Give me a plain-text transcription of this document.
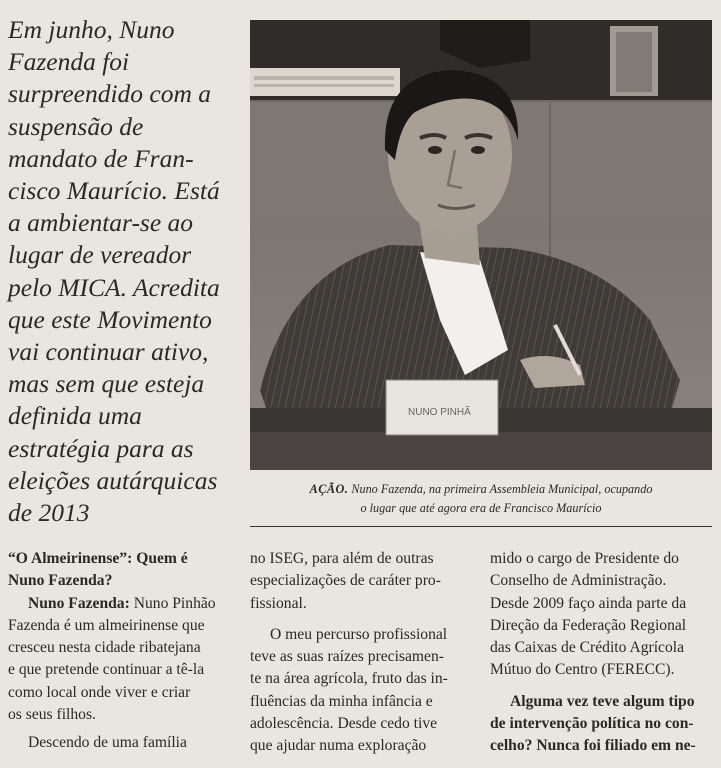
Em junho, Nuno
Fazenda foi
surpreendido com a
suspensão de
mandato de Fran-
cisco Maurício. Está
a ambientar-se ao
lugar de vereador
pelo MICA. Acredita
que este Movimento
vai continuar ativo,
mas sem que esteja
definida uma
estratégia para as
eleições autárquicas
de 2013
NUNO PINHÃ
AÇÃO. Nuno Fazenda, na primeira Assembleia Municipal, ocupando
o lugar que até agora era de Francisco Maurício
“O Almeirinense”: Quem é
Nuno Fazenda?
Nuno Fazenda: Nuno Pinhão
Fazenda é um almeirinense que
cresceu nesta cidade ribatejana
e que pretende continuar a tê-la
como local onde viver e criar
os seus filhos.
Descendo de uma família
no ISEG, para além de outras
especializações de caráter pro-
fissional.
O meu percurso profissional
teve as suas raízes precisamen-
te na área agrícola, fruto das in-
fluências da minha infância e
adolescência. Desde cedo tive
que ajudar numa exploração
mido o cargo de Presidente do
Conselho de Administração.
Desde 2009 faço ainda parte da
Direção da Federação Regional
das Caixas de Crédito Agrícola
Mútuo do Centro (FERECC).
Alguma vez teve algum tipo
de intervenção política no con-
celho? Nunca foi filiado em ne-
